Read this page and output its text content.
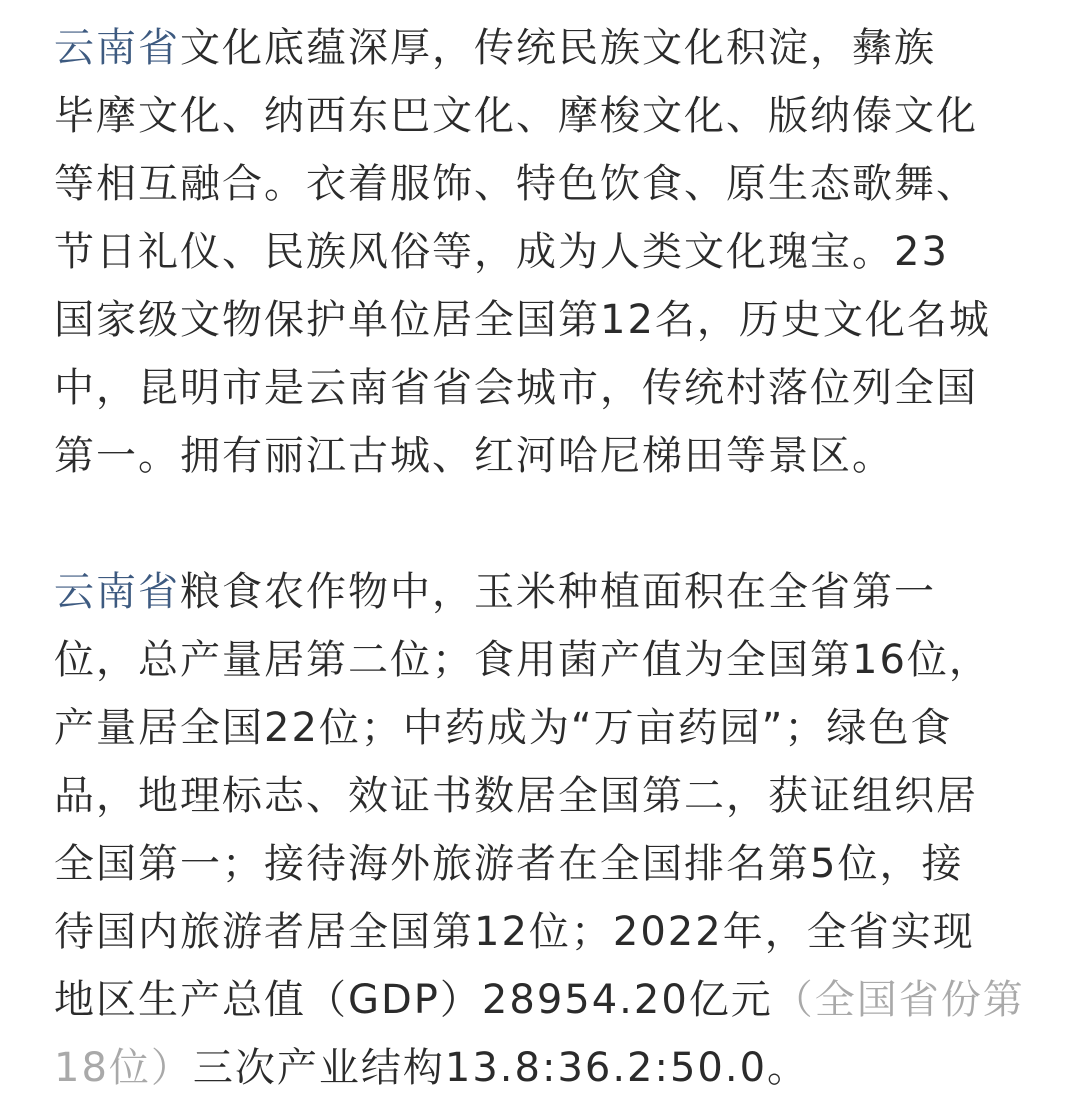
云南省文化底蕴深厚，传统民族文化积淀，彝族
毕摩文化、纳西东巴文化、摩梭文化、版纳傣文化
等相互融合。衣着服饰、特色饮食、原生态歌舞、
节日礼仪、民族风俗等，成为人类文化瑰宝。23
国家级文物保护单位居全国第12名，历史文化名城
中，昆明市是云南省省会城市，传统村落位列全国
第一。拥有丽江古城、红河哈尼梯田等景区。

云南省粮食农作物中，玉米种植面积在全省第一
位，总产量居第二位；食用菌产值为全国第16位，
产量居全国22位；中药成为“万亩药园”；绿色食
品，地理标志、效证书数居全国第二，获证组织居
全国第一；接待海外旅游者在全国排名第5位，接
待国内旅游者居全国第12位；2022年，全省实现
地区生产总值（GDP）28954.20亿元（全国省份第
18位）三次产业结构13.8:36.2:50.0。
